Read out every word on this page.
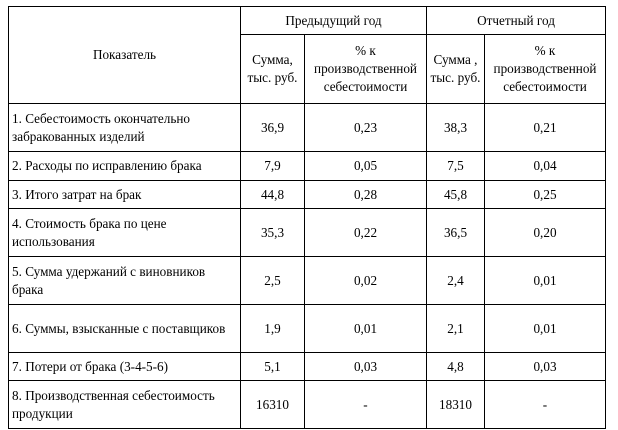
Показатель	Предыдущий год		Отчетный год	
	Сумма, тыс. руб.	% к производственной себестоимости	Сумма , тыс. руб.	% к производственной себестоимости
1. Себестоимость окончательно забракованных изделий	36,9	0,23	38,3	0,21
2. Расходы по исправлению брака	7,9	0,05	7,5	0,04
3. Итого затрат на брак	44,8	0,28	45,8	0,25
4. Стоимость брака по цене использования	35,3	0,22	36,5	0,20
5. Сумма удержаний с виновников брака	2,5	0,02	2,4	0,01
6. Суммы, взысканные с поставщиков	1,9	0,01	2,1	0,01
7. Потери от брака (3-4-5-6)	5,1	0,03	4,8	0,03
8. Производственная себестоимость продукции	16310	-	18310	-
